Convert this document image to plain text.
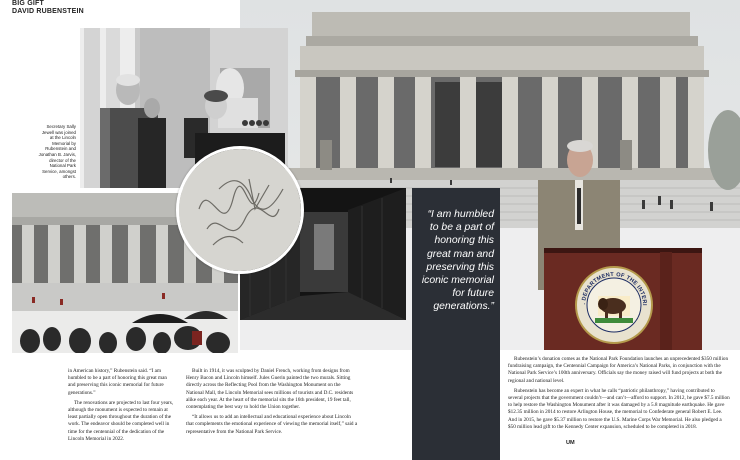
BIG GIFT
DAVID RUBENSTEIN
. DEPARTMENT OF THE INTERI
Secretary Sally
Jewell was joined
at the Lincoln
Memorial by
Rubenstein and
Jonathan B. Jarvis,
director of the
National Park
Service, amongst
others.
“I am humbled
to be a part of
honoring this
great man and
preserving this
iconic memorial
for future
generations.”

in American history,” Rubenstein said. “I am humbled to be a part of honoring this great man and preserving this iconic memorial for future generations.”

The renovations are projected to last four years, although the monument is expected to remain at least partially open throughout the duration of the work. The endeavor should be completed well in time for the centennial of the dedication of the Lincoln Memorial in 2022.

Built in 1914, it was sculpted by Daniel French, working from designs from Henry Bacon and Lincoln himself. Jules Guerin painted the two murals. Sitting directly across the Reflecting Pool from the Washington Monument on the National Mall, the Lincoln Memorial sees millions of tourists and D.C. residents alike each year. At the heart of the memorial sits the 16th president, 19 feet tall, contemplating the best way to hold the Union together.

“It allows us to add an intellectual and educational experience about Lincoln that complements the emotional experience of viewing the memorial itself,” said a representative from the National Park Service.

Rubenstein’s donation comes as the National Park Foundation launches an unprecedented $350 million fundraising campaign, the Centennial Campaign for America’s National Parks, in conjunction with the National Park Service’s 100th anniversary. Officials say the money raised will fund projects at both the regional and national level.

Rubenstein has become an expert in what he calls “patriotic philanthropy,” having contributed to several projects that the government couldn’t—and can’t—afford to support. In 2012, he gave $7.5 million to help restore the Washington Monument after it was damaged by a 5.8 magnitude earthquake. He gave $12.35 million in 2014 to restore Arlington House, the memorial to Confederate general Robert E. Lee. And in 2015, he gave $5.37 million to restore the U.S. Marine Corps War Memorial. He also pledged a $50 million lead gift to the Kennedy Center expansion, scheduled to be completed in 2018.

UM
